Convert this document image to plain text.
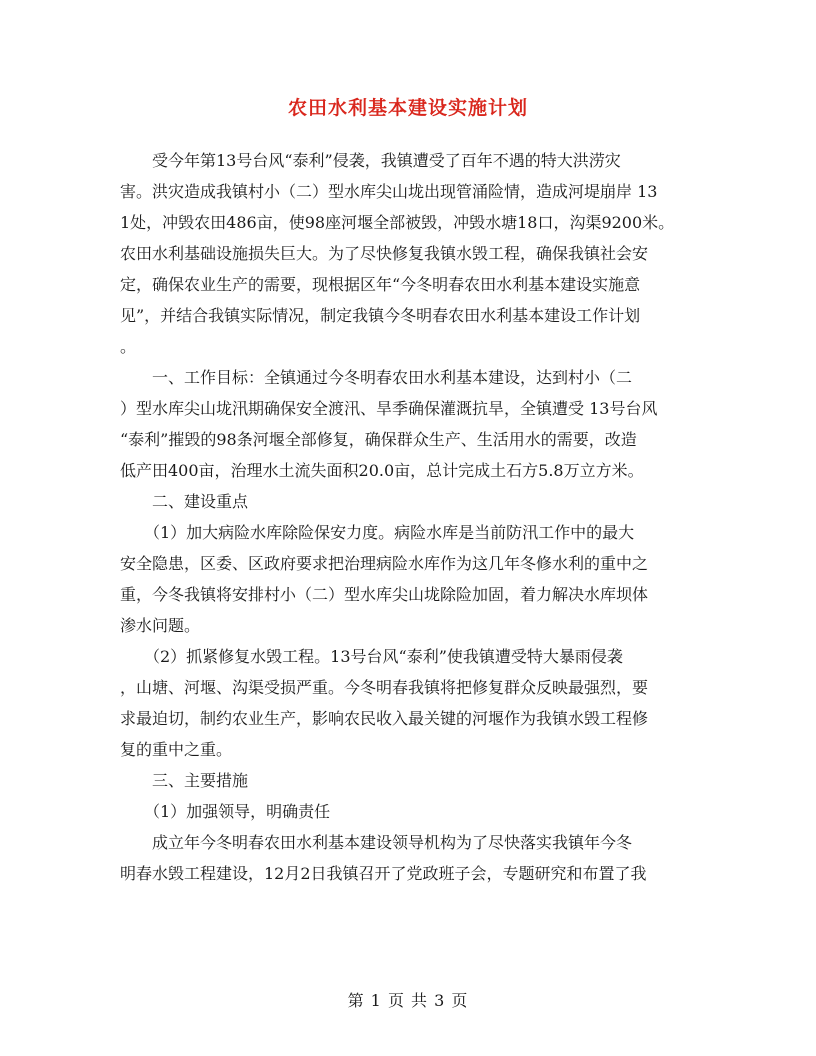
农田水利基本建设实施计划
　　受今年第13号台风“泰利”侵袭，我镇遭受了百年不遇的特大洪涝灾
害。洪灾造成我镇村小（二）型水库尖山垅出现管涌险情，造成河堤崩岸 13
1处，冲毁农田486亩，使98座河堰全部被毁，冲毁水塘18口，沟渠9200米。
农田水利基础设施损失巨大。为了尽快修复我镇水毁工程，确保我镇社会安
定，确保农业生产的需要，现根据区年“今冬明春农田水利基本建设实施意
见”，并结合我镇实际情况，制定我镇今冬明春农田水利基本建设工作计划
。
　　一、工作目标：全镇通过今冬明春农田水利基本建设，达到村小（二
）型水库尖山垅汛期确保安全渡汛、旱季确保灌溉抗旱，全镇遭受 13号台风
“泰利”摧毁的98条河堰全部修复，确保群众生产、生活用水的需要，改造
低产田400亩，治理水土流失面积20.0亩，总计完成土石方5.8万立方米。
　　二、建设重点
　　（1）加大病险水库除险保安力度。病险水库是当前防汛工作中的最大
安全隐患，区委、区政府要求把治理病险水库作为这几年冬修水利的重中之
重，今冬我镇将安排村小（二）型水库尖山垅除险加固，着力解决水库坝体
渗水问题。
　　（2）抓紧修复水毁工程。13号台风“泰利”使我镇遭受特大暴雨侵袭
，山塘、河堰、沟渠受损严重。今冬明春我镇将把修复群众反映最强烈，要
求最迫切，制约农业生产，影响农民收入最关键的河堰作为我镇水毁工程修
复的重中之重。
　　三、主要措施
　　（1）加强领导，明确责任
　　成立年今冬明春农田水利基本建设领导机构为了尽快落实我镇年今冬
明春水毁工程建设，12月2日我镇召开了党政班子会，专题研究和布置了我
第 1 页 共 3 页
